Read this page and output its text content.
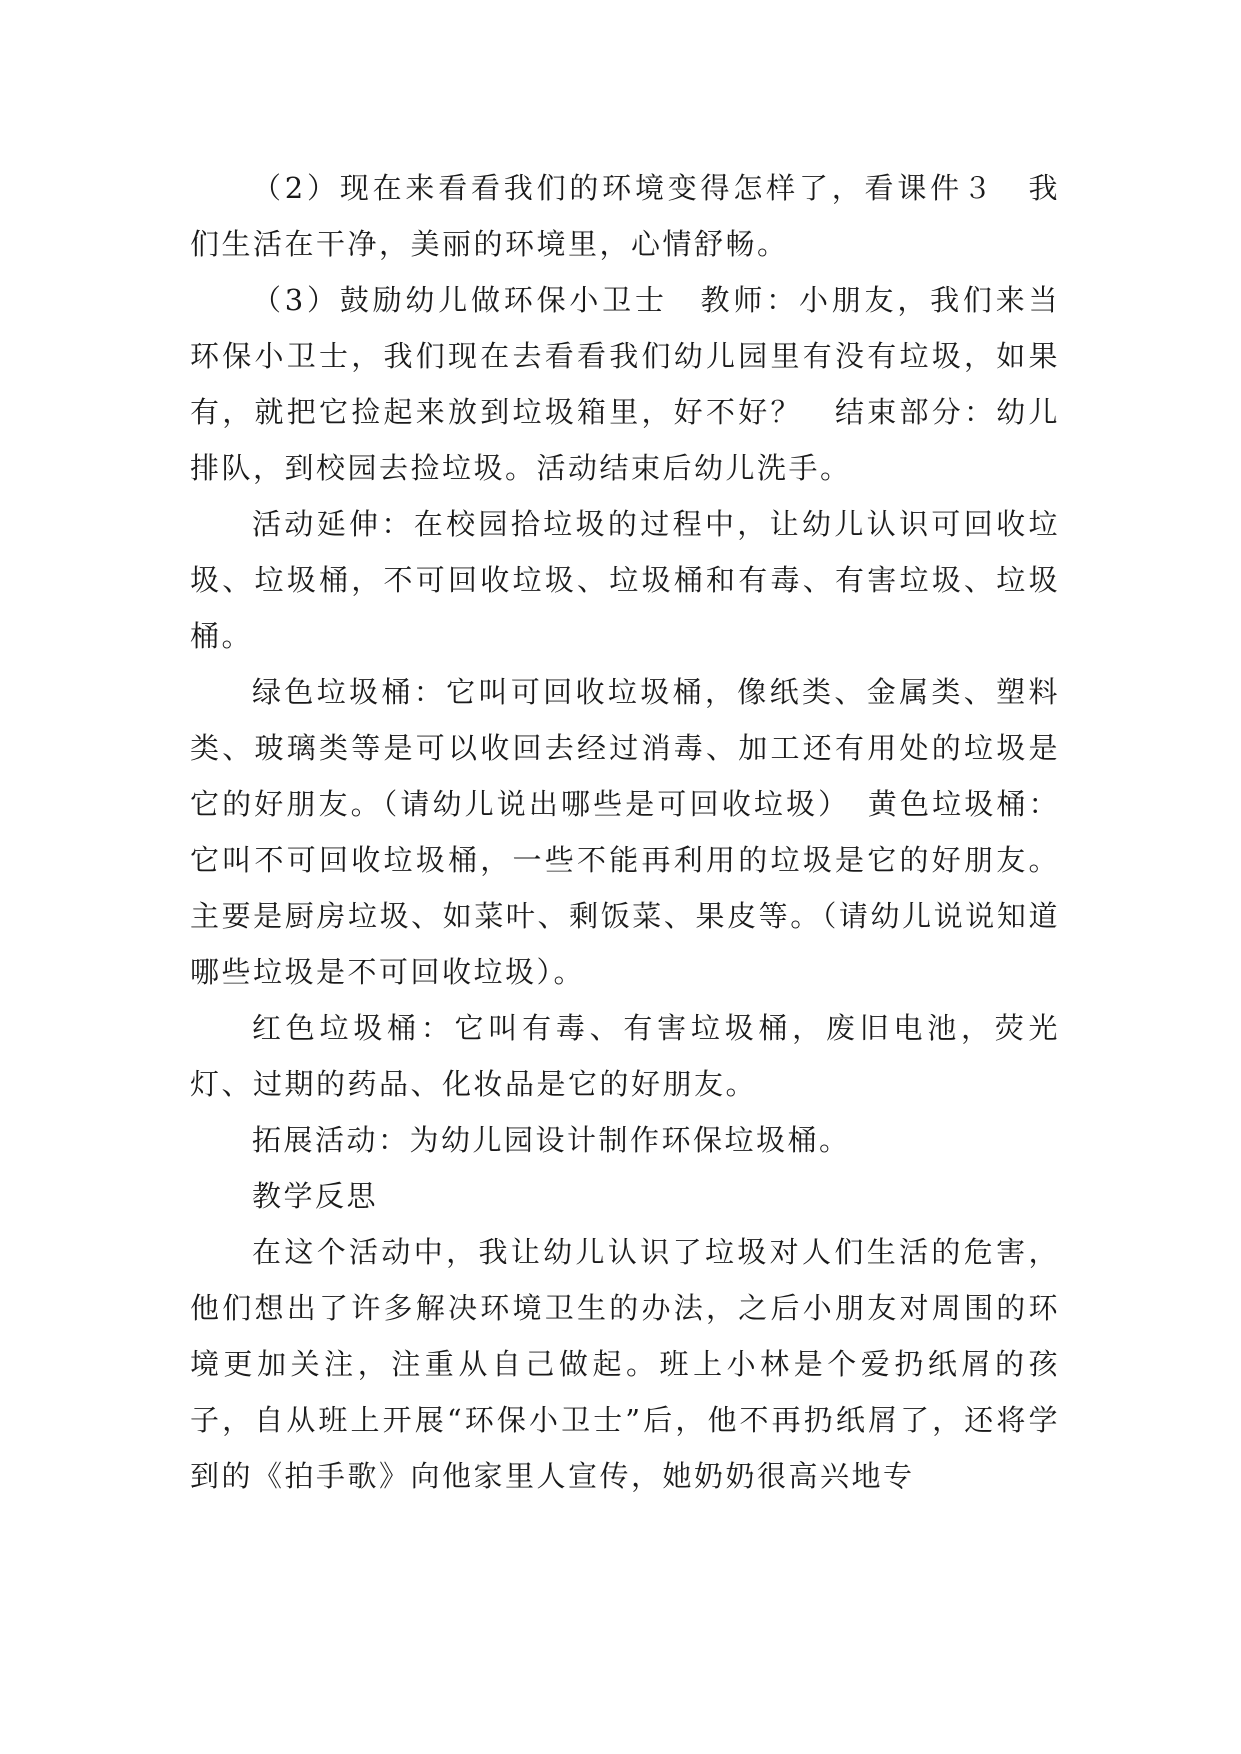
（2）现在来看看我们的环境变得怎样了，看课件３　我们生活在干净，美丽的环境里，心情舒畅。

（3）鼓励幼儿做环保小卫士　教师：小朋友，我们来当环保小卫士，我们现在去看看我们幼儿园里有没有垃圾，如果有，就把它捡起来放到垃圾箱里，好不好？　结束部分：幼儿排队，到校园去捡垃圾。活动结束后幼儿洗手。

活动延伸：在校园拾垃圾的过程中，让幼儿认识可回收垃圾、垃圾桶，不可回收垃圾、垃圾桶和有毒、有害垃圾、垃圾桶。

绿色垃圾桶：它叫可回收垃圾桶，像纸类、金属类、塑料类、玻璃类等是可以收回去经过消毒、加工还有用处的垃圾是它的好朋友。（请幼儿说出哪些是可回收垃圾）　黄色垃圾桶：它叫不可回收垃圾桶，一些不能再利用的垃圾是它的好朋友。主要是厨房垃圾、如菜叶、剩饭菜、果皮等。（请幼儿说说知道哪些垃圾是不可回收垃圾）。

红色垃圾桶：它叫有毒、有害垃圾桶，废旧电池，荧光灯、过期的药品、化妆品是它的好朋友。

拓展活动：为幼儿园设计制作环保垃圾桶。

教学反思

在这个活动中，我让幼儿认识了垃圾对人们生活的危害，他们想出了许多解决环境卫生的办法，之后小朋友对周围的环境更加关注，注重从自己做起。班上小林是个爱扔纸屑的孩子，自从班上开展“环保小卫士”后，他不再扔纸屑了，还将学到的《拍手歌》向他家里人宣传，她奶奶很高兴地专
